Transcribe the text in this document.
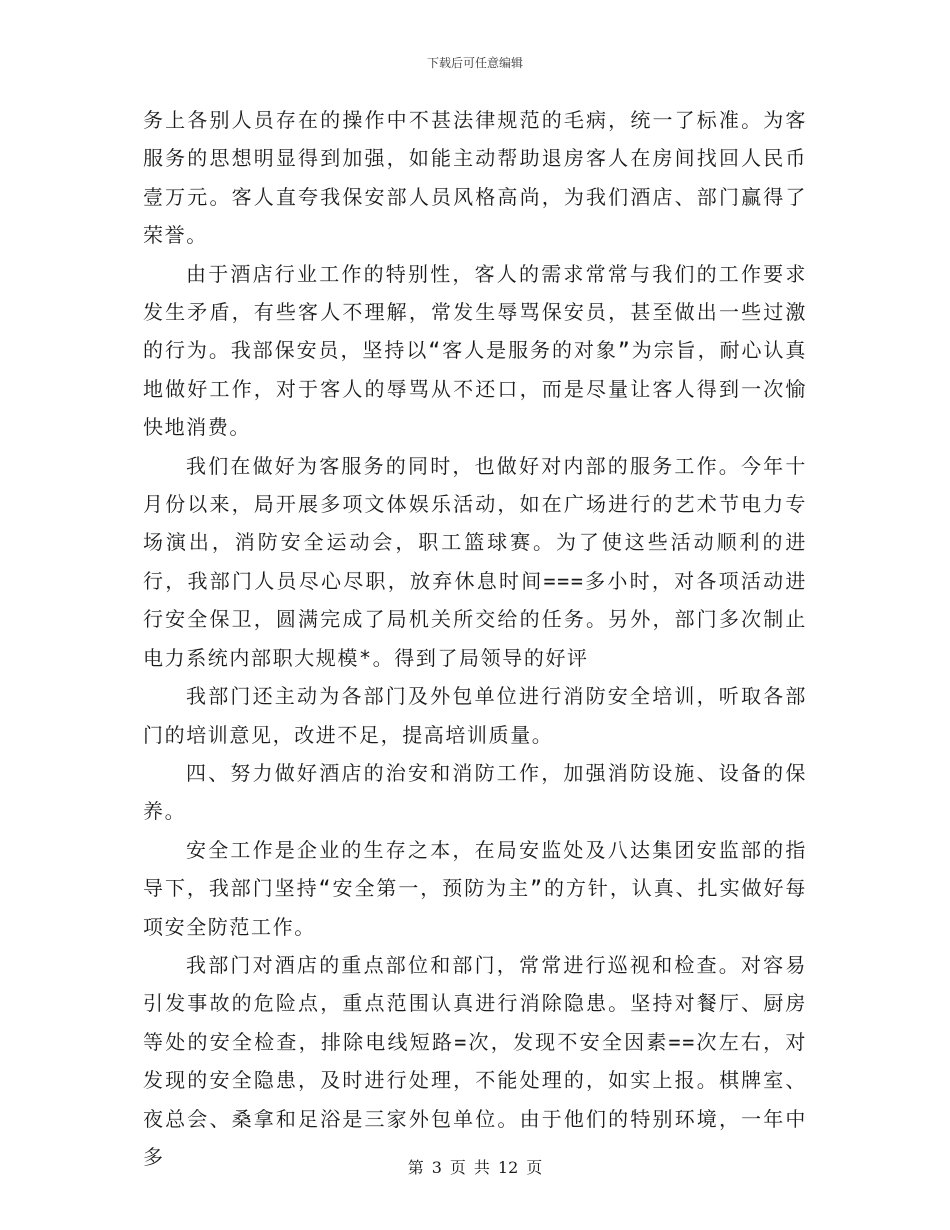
下载后可任意编辑

务上各别人员存在的操作中不甚法律规范的毛病，统一了标准。为客服务的思想明显得到加强，如能主动帮助退房客人在房间找回人民币壹万元。客人直夸我保安部人员风格高尚，为我们酒店、部门赢得了荣誉。

由于酒店行业工作的特别性，客人的需求常常与我们的工作要求发生矛盾，有些客人不理解，常发生辱骂保安员，甚至做出一些过激的行为。我部保安员，坚持以“客人是服务的对象”为宗旨，耐心认真地做好工作，对于客人的辱骂从不还口，而是尽量让客人得到一次愉快地消费。

我们在做好为客服务的同时，也做好对内部的服务工作。今年十月份以来，局开展多项文体娱乐活动，如在广场进行的艺术节电力专场演出，消防安全运动会，职工篮球赛。为了使这些活动顺利的进行，我部门人员尽心尽职，放弃休息时间===多小时，对各项活动进行安全保卫，圆满完成了局机关所交给的任务。另外，部门多次制止电力系统内部职大规模*。得到了局领导的好评

我部门还主动为各部门及外包单位进行消防安全培训，听取各部门的培训意见，改进不足，提高培训质量。

四、努力做好酒店的治安和消防工作，加强消防设施、设备的保养。

安全工作是企业的生存之本，在局安监处及八达集团安监部的指导下，我部门坚持“安全第一，预防为主”的方针，认真、扎实做好每项安全防范工作。

我部门对酒店的重点部位和部门，常常进行巡视和检查。对容易引发事故的危险点，重点范围认真进行消除隐患。坚持对餐厅、厨房等处的安全检查，排除电线短路=次，发现不安全因素==次左右，对发现的安全隐患，及时进行处理，不能处理的，如实上报。棋牌室、夜总会、桑拿和足浴是三家外包单位。由于他们的特别环境，一年中多	第 3 页 共 12 页
